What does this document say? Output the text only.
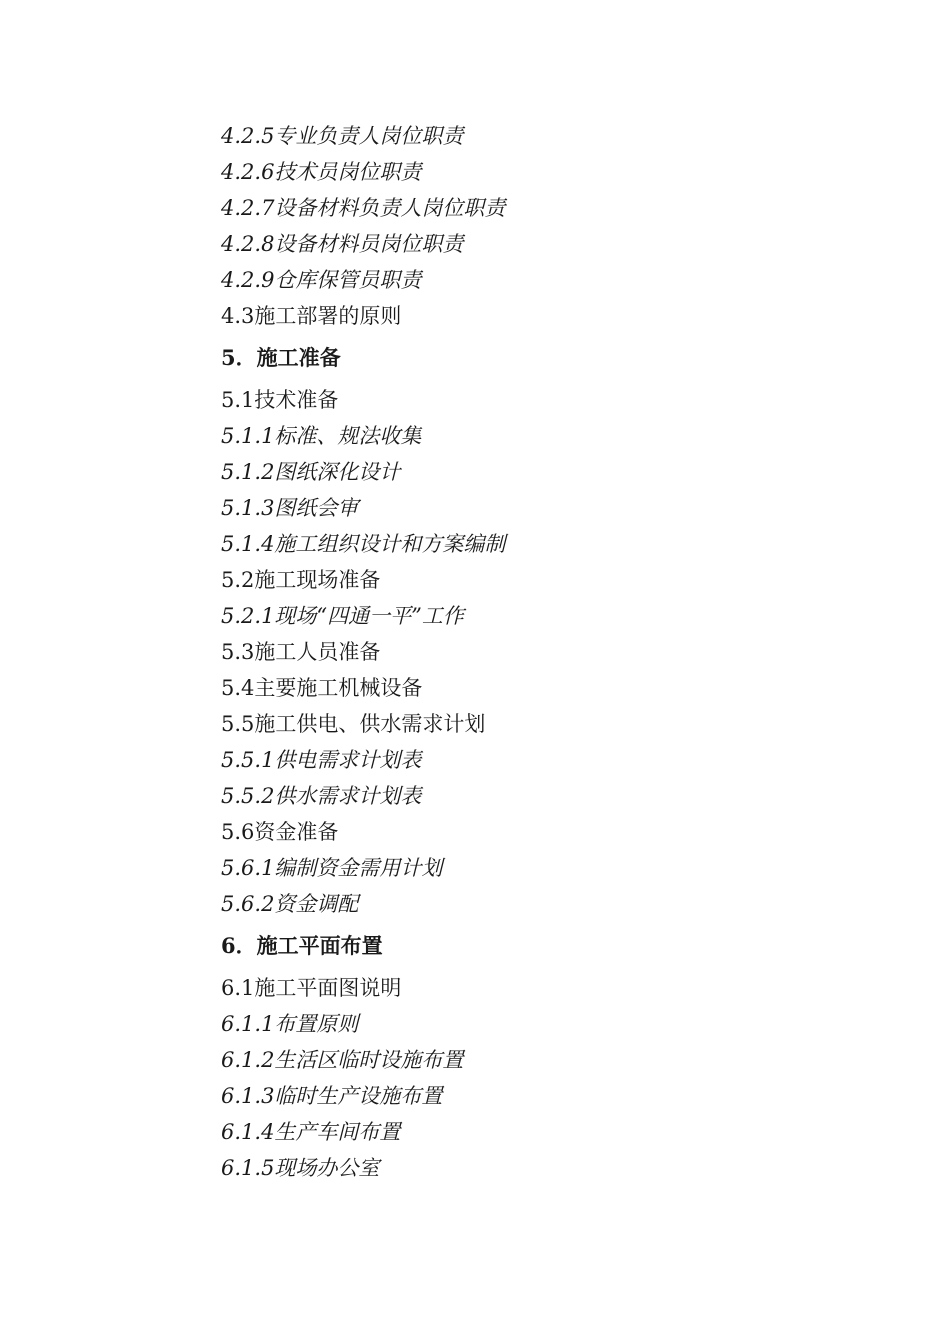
4.2.5专业负责人岗位职责
4.2.6技术员岗位职责
4.2.7设备材料负责人岗位职责
4.2.8设备材料员岗位职责
4.2.9仓库保管员职责
4.3施工部署的原则
5．施工准备
5.1技术准备
5.1.1标准、规法收集
5.1.2图纸深化设计
5.1.3图纸会审
5.1.4施工组织设计和方案编制
5.2施工现场准备
5.2.1现场“四通一平”工作
5.3施工人员准备
5.4主要施工机械设备
5.5施工供电、供水需求计划
5.5.1供电需求计划表
5.5.2供水需求计划表
5.6资金准备
5.6.1编制资金需用计划
5.6.2资金调配
6．施工平面布置
6.1施工平面图说明
6.1.1布置原则
6.1.2生活区临时设施布置
6.1.3临时生产设施布置
6.1.4生产车间布置
6.1.5现场办公室
